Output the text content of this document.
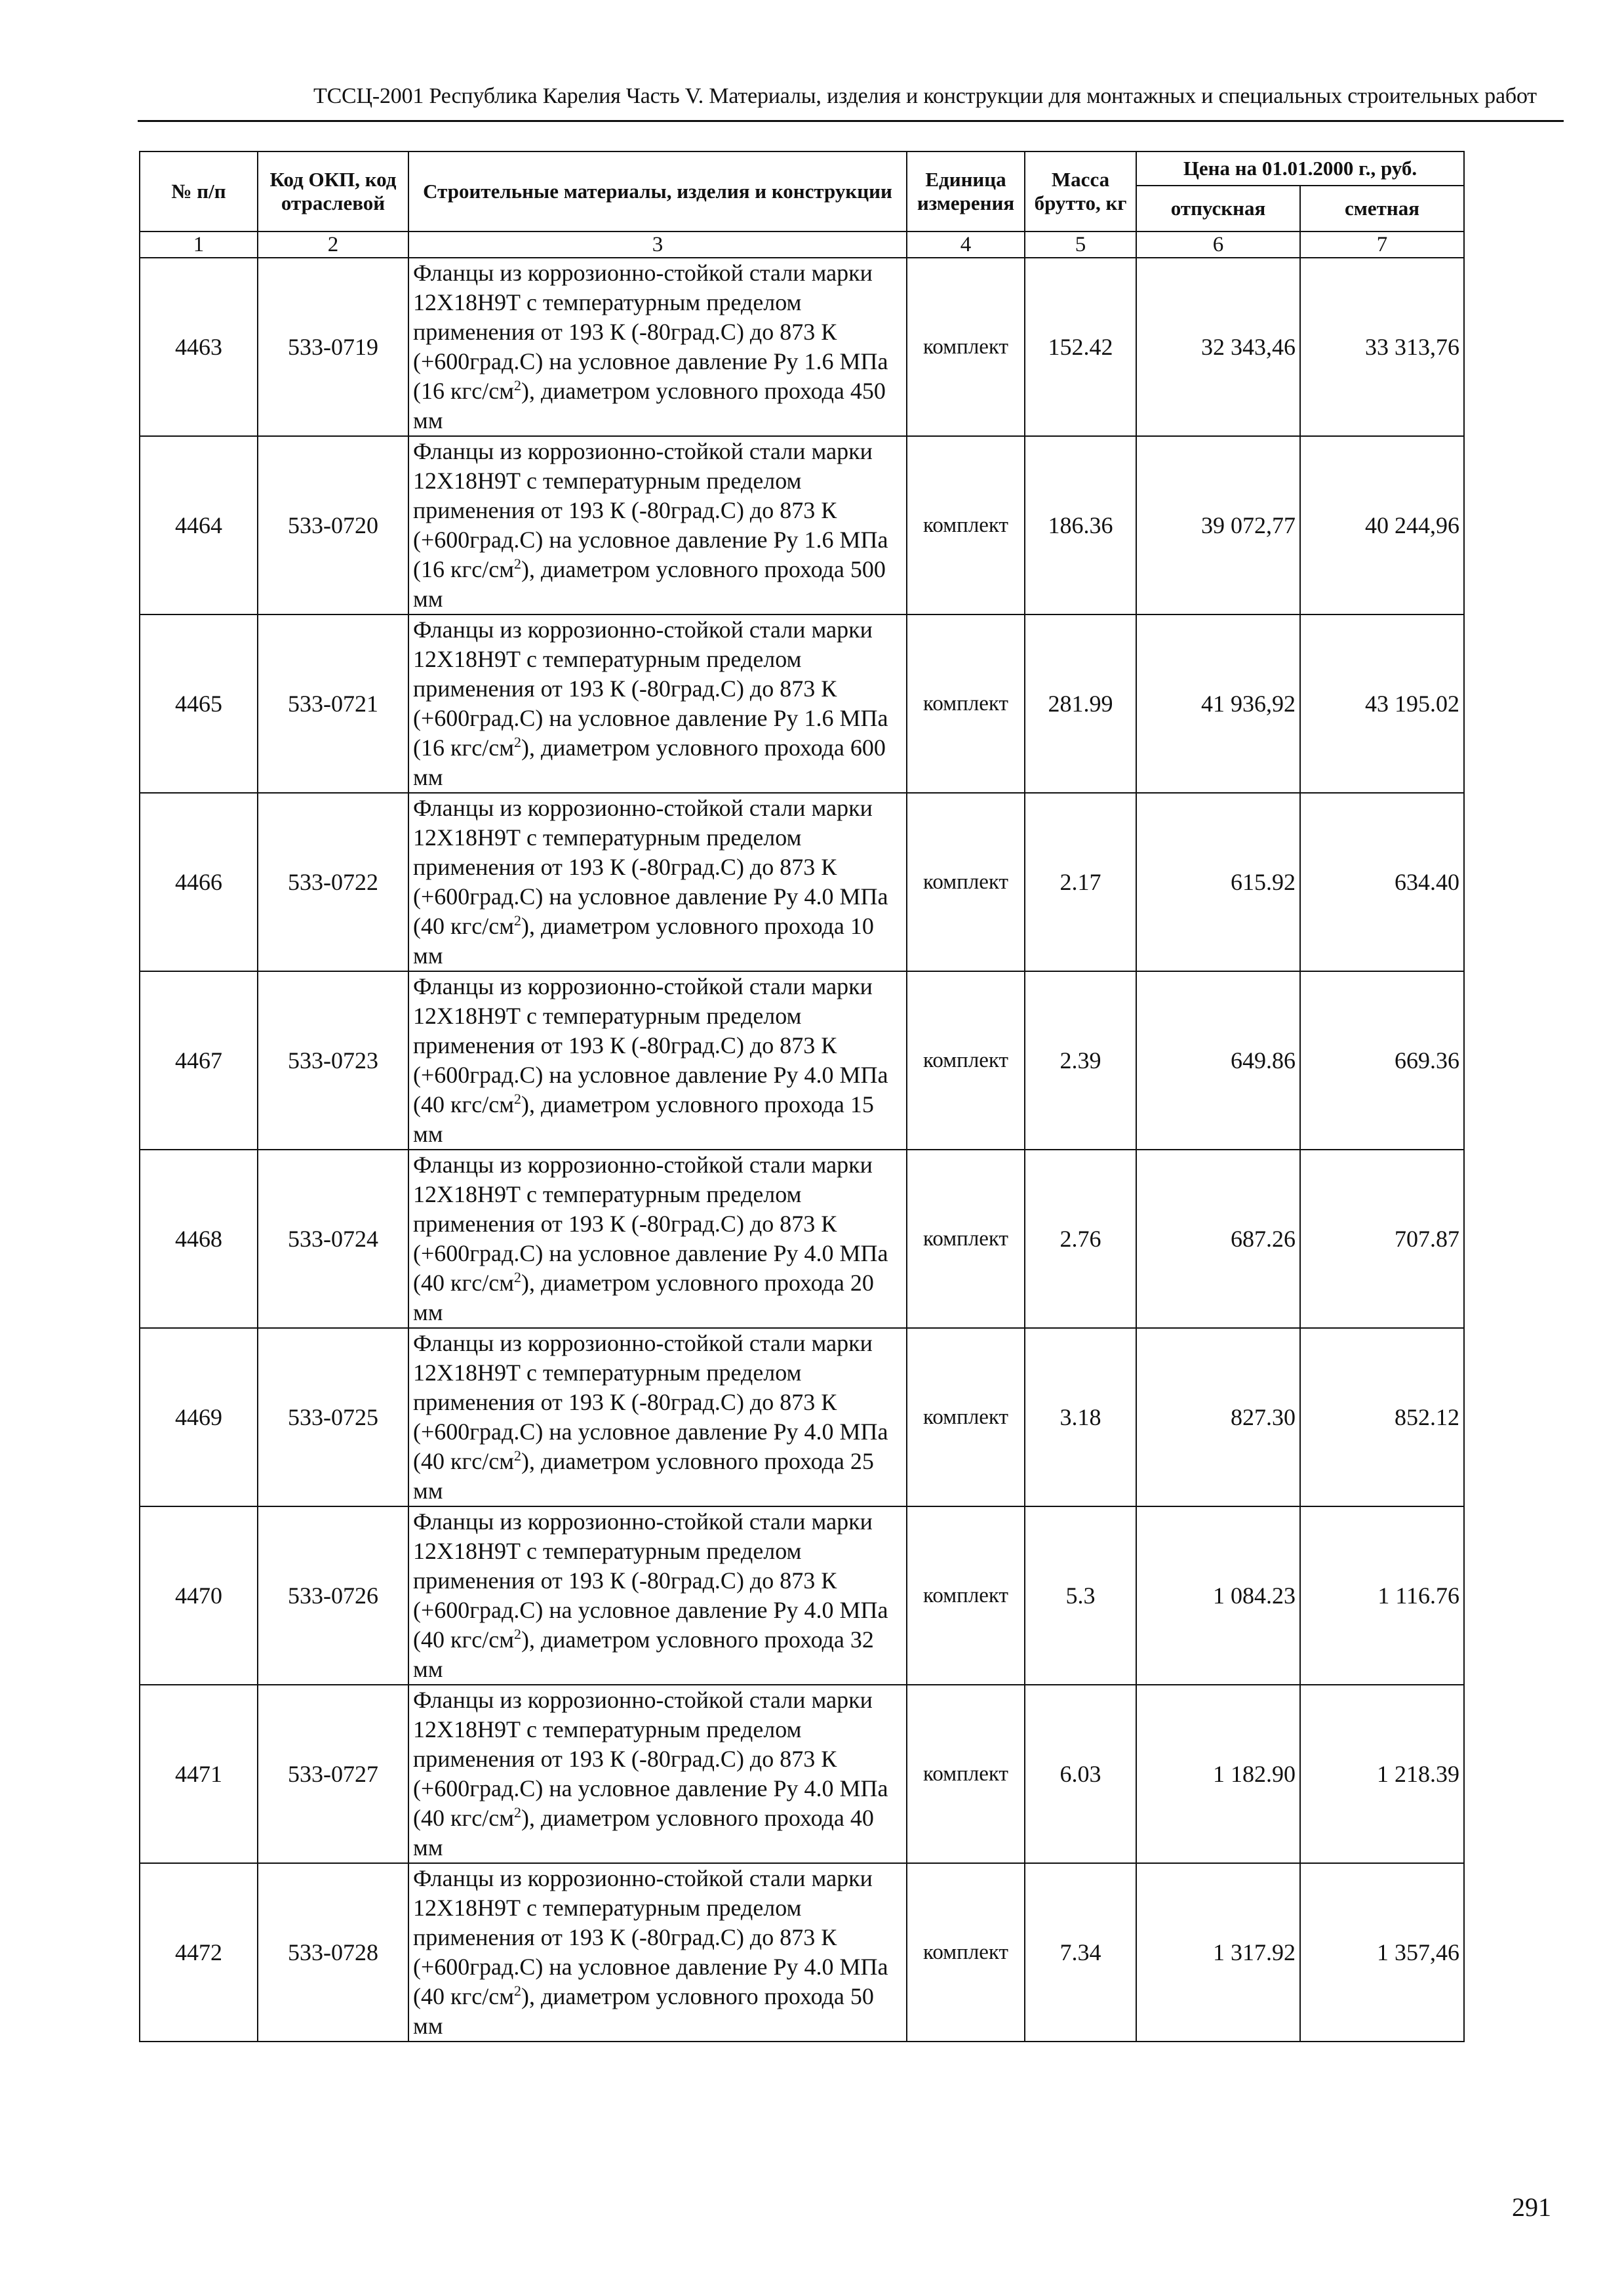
ТССЦ-2001 Республика Карелия Часть V. Материалы, изделия и конструкции для монтажных и специальных строительных работ
№ п/п	Код ОКП, код отраслевой	Строительные материалы, изделия и конструкции	Единица измерения	Масса брутто, кг	Цена на 01.01.2000 г., руб.	
					отпускная	сметная
1	2	3	4	5	6	7
4463	533-0719	Фланцы из коррозионно-стойкой стали марки 12Х18Н9Т с температурным пределом применения от 193 К (-80град.С) до 873 К (+600град.С) на условное давление Ру 1.6 МПа (16 кгс/$см^2$), диаметром условного прохода 450 мм	комплект	152.42	32 343,46	33 313,76
4464	533-0720	Фланцы из коррозионно-стойкой стали марки 12Х18Н9Т с температурным пределом применения от 193 К (-80град.С) до 873 К (+600град.С) на условное давление Ру 1.6 МПа (16 кгс/$см^2$), диаметром условного прохода 500 мм	комплект	186.36	39 072,77	40 244,96
4465	533-0721	Фланцы из коррозионно-стойкой стали марки 12Х18Н9Т с температурным пределом применения от 193 К (-80град.С) до 873 К (+600град.С) на условное давление Ру 1.6 МПа (16 кгс/$см^2$), диаметром условного прохода 600 мм	комплект	281.99	41 936,92	43 195.02
4466	533-0722	Фланцы из коррозионно-стойкой стали марки 12Х18Н9Т с температурным пределом применения от 193 К (-80град.С) до 873 К (+600град.С) на условное давление Ру 4.0 МПа (40 кгс/$см^2$), диаметром условного прохода 10 мм	комплект	2.17	615.92	634.40
4467	533-0723	Фланцы из коррозионно-стойкой стали марки 12Х18Н9Т с температурным пределом применения от 193 К (-80град.С) до 873 К (+600град.С) на условное давление Ру 4.0 МПа (40 кгс/$см^2$), диаметром условного прохода 15 мм	комплект	2.39	649.86	669.36
4468	533-0724	Фланцы из коррозионно-стойкой стали марки 12Х18Н9Т с температурным пределом применения от 193 К (-80град.С) до 873 К (+600град.С) на условное давление Ру 4.0 МПа (40 кгс/$см^2$), диаметром условного прохода 20 мм	комплект	2.76	687.26	707.87
4469	533-0725	Фланцы из коррозионно-стойкой стали марки 12Х18Н9Т с температурным пределом применения от 193 К (-80град.С) до 873 К (+600град.С) на условное давление Ру 4.0 МПа (40 кгс/$см^2$), диаметром условного прохода 25 мм	комплект	3.18	827.30	852.12
4470	533-0726	Фланцы из коррозионно-стойкой стали марки 12Х18Н9Т с температурным пределом применения от 193 К (-80град.С) до 873 К (+600град.С) на условное давление Ру 4.0 МПа (40 кгс/$см^2$), диаметром условного прохода 32 мм	комплект	5.3	1 084.23	1 116.76
4471	533-0727	Фланцы из коррозионно-стойкой стали марки 12Х18Н9Т с температурным пределом применения от 193 К (-80град.С) до 873 К (+600град.С) на условное давление Ру 4.0 МПа (40 кгс/$см^2$), диаметром условного прохода 40 мм	комплект	6.03	1 182.90	1 218.39
4472	533-0728	Фланцы из коррозионно-стойкой стали марки 12Х18Н9Т с температурным пределом применения от 193 К (-80град.С) до 873 К (+600град.С) на условное давление Ру 4.0 МПа (40 кгс/$см^2$), диаметром условного прохода 50 мм	комплект	7.34	1 317.92	1 357,46
291
